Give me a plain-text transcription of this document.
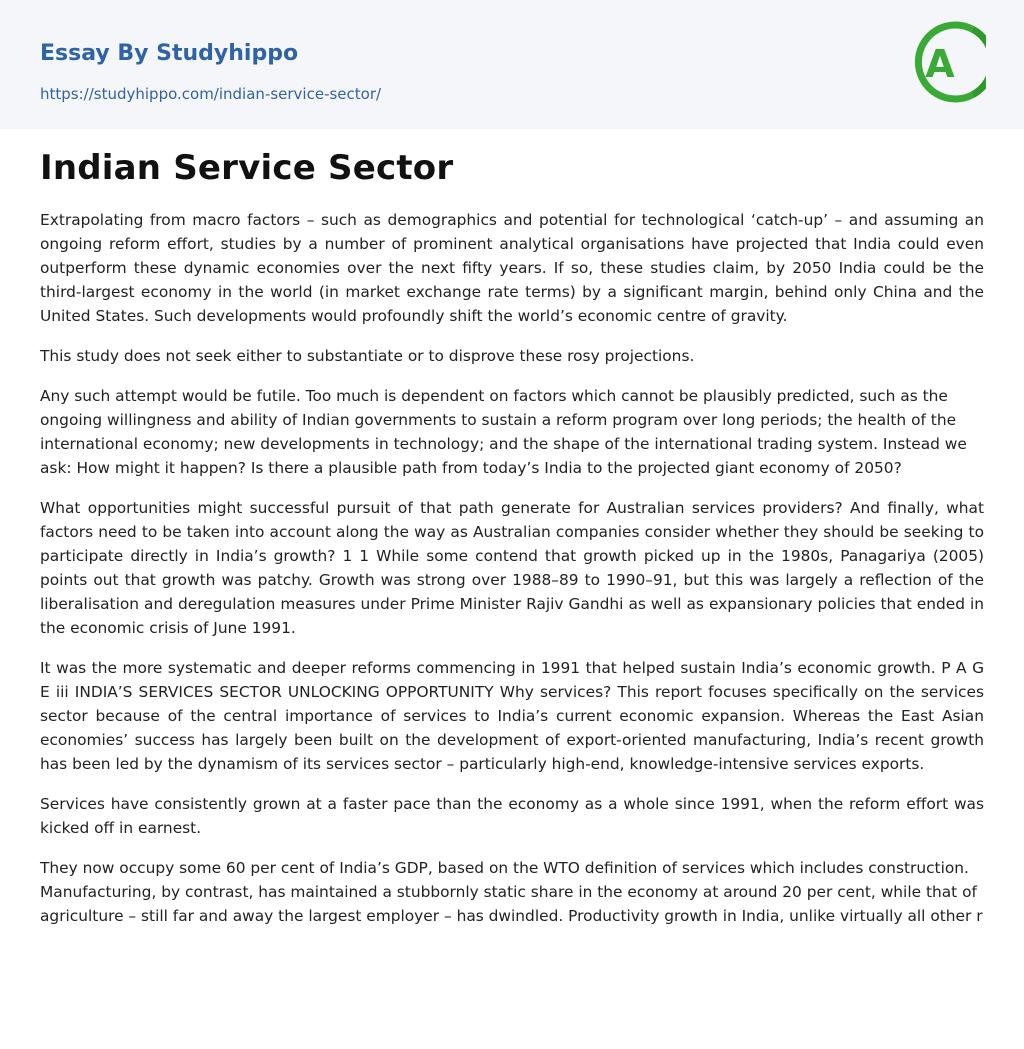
Essay By Studyhippo
https://studyhippo.com/indian-service-sector/
A
Indian Service Sector

Extrapolating from macro factors – such as demographics and potential for technological ‘catch-up’ – and assuming an ongoing reform effort, studies by a number of prominent analytical organisations have projected that India could even outperform these dynamic economies over the next fifty years. If so, these studies claim, by 2050 India could be the third-largest economy in the world (in market exchange rate terms) by a significant margin, behind only China and the United States. Such developments would profoundly shift the world’s economic centre of gravity.

This study does not seek either to substantiate or to disprove these rosy projections.

Any such attempt would be futile. Too much is dependent on factors which cannot be plausibly predicted, such as the ongoing willingness and ability of Indian governments to sustain a reform program over long periods; the health of the international economy; new developments in technology; and the shape of the international trading system. Instead we ask: How might it happen? Is there a plausible path from today’s India to the projected giant economy of 2050?

What opportunities might successful pursuit of that path generate for Australian services providers? And finally, what factors need to be taken into account along the way as Australian companies consider whether they should be seeking to participate directly in India’s growth? 1 1 While some contend that growth picked up in the 1980s, Panagariya (2005) points out that growth was patchy. Growth was strong over 1988–89 to 1990–91, but this was largely a reflection of the liberalisation and deregulation measures under Prime Minister Rajiv Gandhi as well as expansionary policies that ended in the economic crisis of June 1991.

It was the more systematic and deeper reforms commencing in 1991 that helped sustain India’s economic growth. P A G E iii INDIA’S SERVICES SECTOR UNLOCKING OPPORTUNITY Why services? This report focuses specifically on the services sector because of the central importance of services to India’s current economic expansion. Whereas the East Asian economies’ success has largely been built on the development of export-oriented manufacturing, India’s recent growth has been led by the dynamism of its services sector – particularly high-end, knowledge-intensive services exports.

Services have consistently grown at a faster pace than the economy as a whole since 1991, when the reform effort was kicked off in earnest.

They now occupy some 60 per cent of India’s GDP, based on the WTO definition of services which includes construction. Manufacturing, by contrast, has maintained a stubbornly static share in the economy at around 20 per cent, while that of agriculture – still far and away the largest employer – has dwindled. Productivity growth in India, unlike virtually all other r
